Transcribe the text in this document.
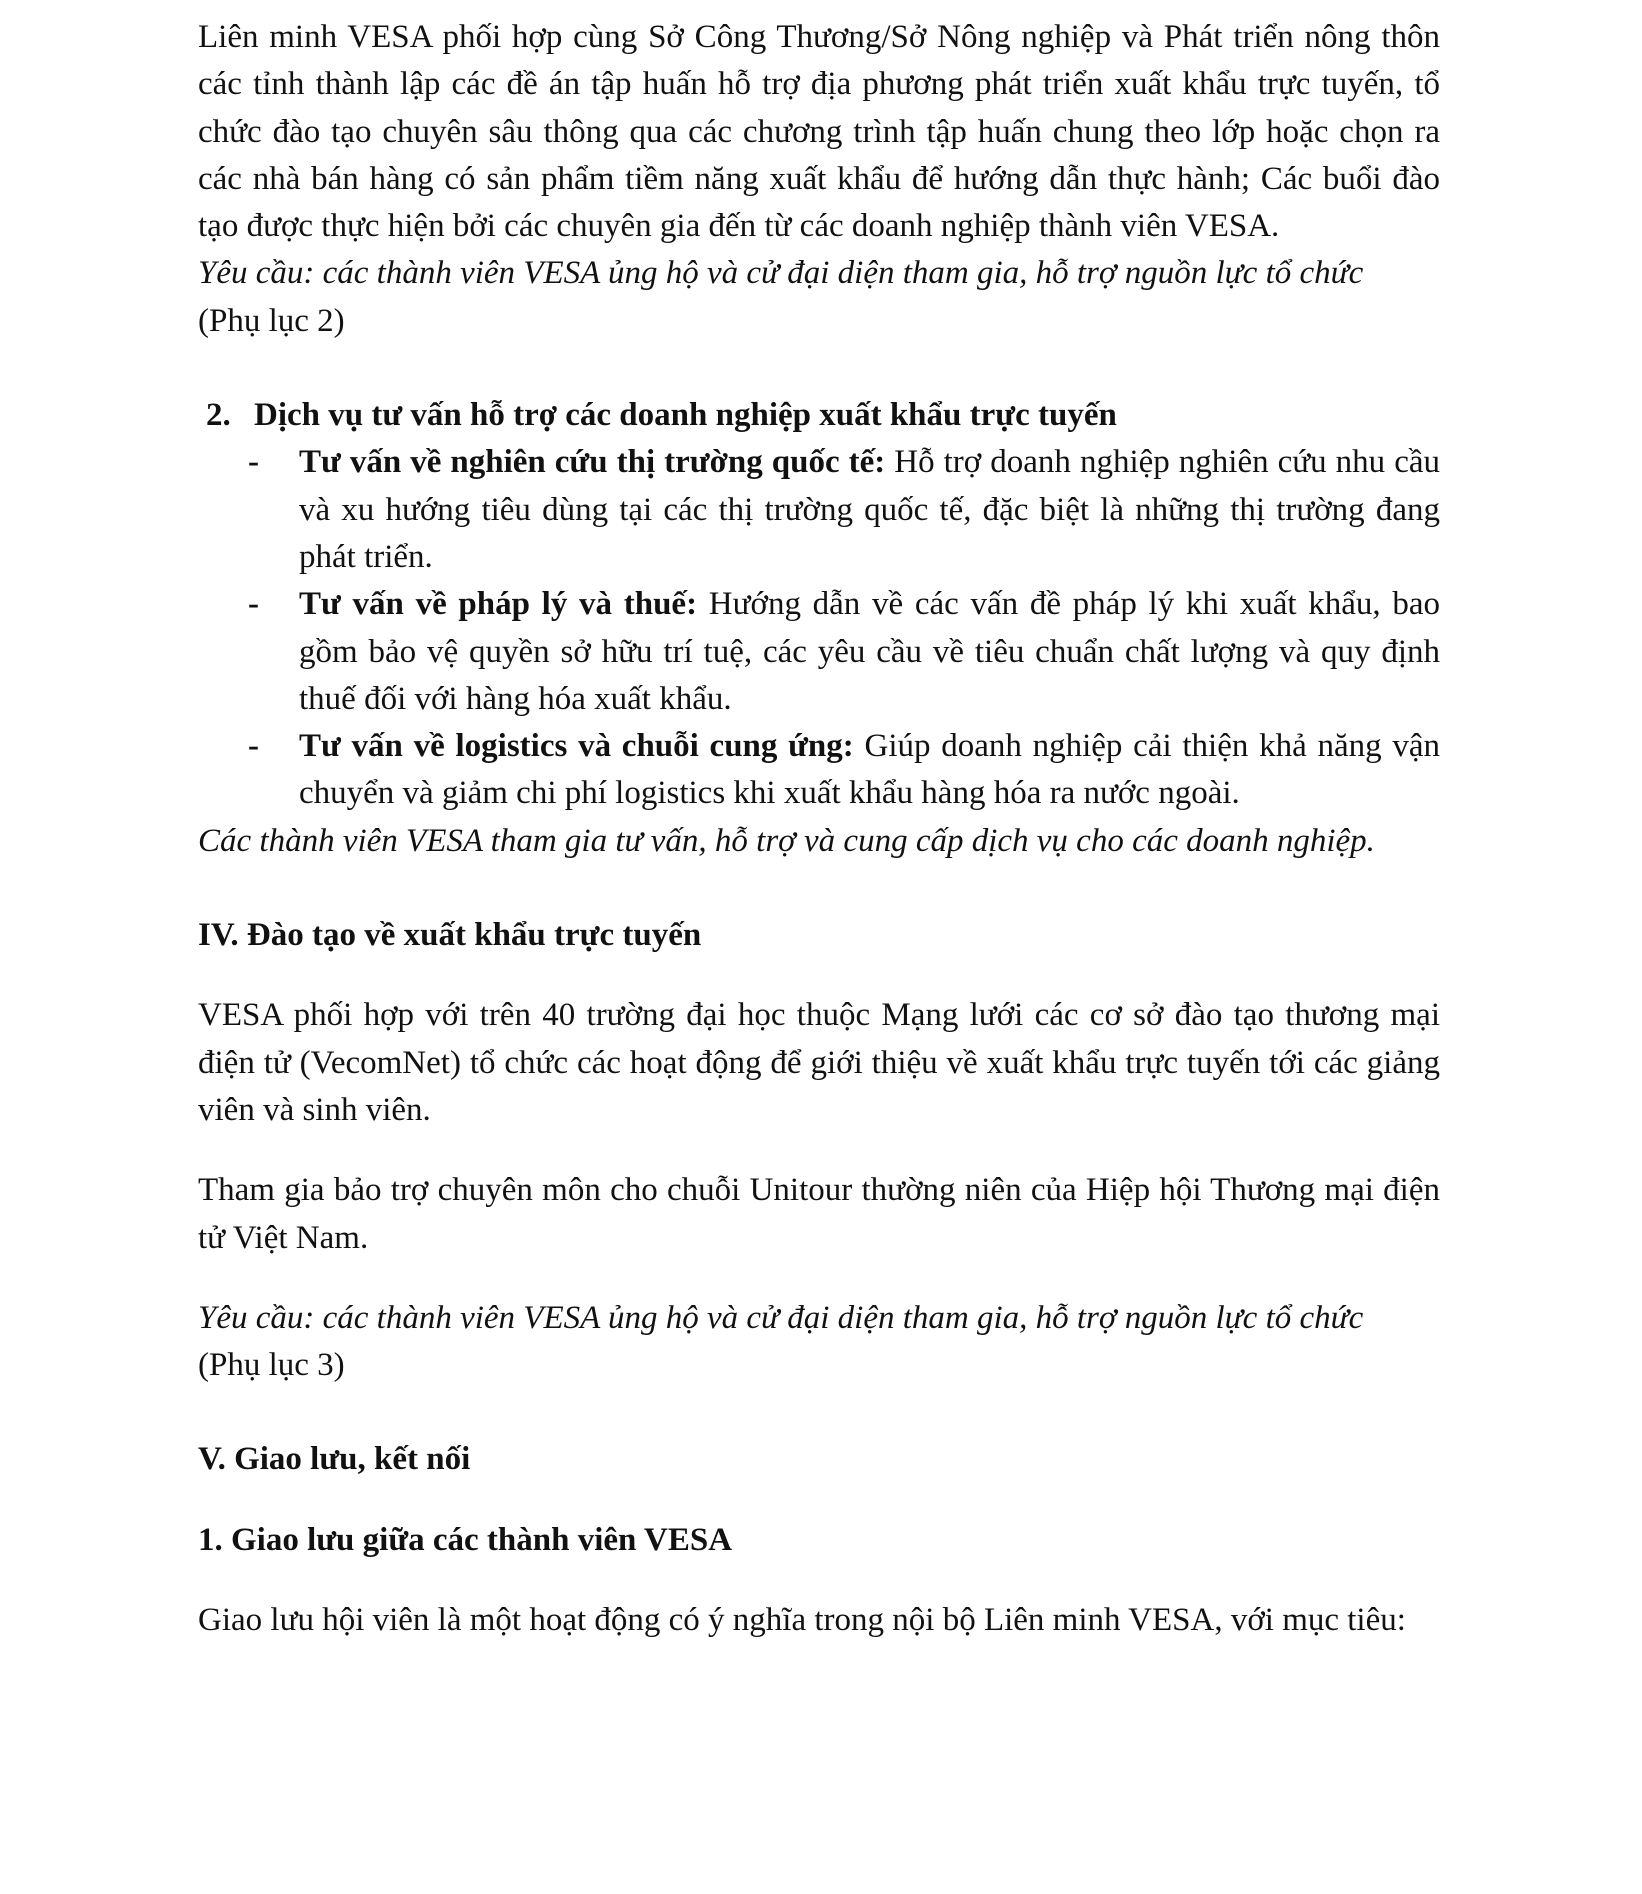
Liên minh VESA phối hợp cùng Sở Công Thương/Sở Nông nghiệp và Phát triển nông thôn các tỉnh thành lập các đề án tập huấn hỗ trợ địa phương phát triển xuất khẩu trực tuyến, tổ chức đào tạo chuyên sâu thông qua các chương trình tập huấn chung theo lớp hoặc chọn ra các nhà bán hàng có sản phẩm tiềm năng xuất khẩu để hướng dẫn thực hành; Các buổi đào tạo được thực hiện bởi các chuyên gia đến từ các doanh nghiệp thành viên VESA.

Yêu cầu: các thành viên VESA ủng hộ và cử đại diện tham gia, hỗ trợ nguồn lực tổ chức

(Phụ lục 2)

2. Dịch vụ tư vấn hỗ trợ các doanh nghiệp xuất khẩu trực tuyến

- Tư vấn về nghiên cứu thị trường quốc tế: Hỗ trợ doanh nghiệp nghiên cứu nhu cầu và xu hướng tiêu dùng tại các thị trường quốc tế, đặc biệt là những thị trường đang phát triển.
- Tư vấn về pháp lý và thuế: Hướng dẫn về các vấn đề pháp lý khi xuất khẩu, bao gồm bảo vệ quyền sở hữu trí tuệ, các yêu cầu về tiêu chuẩn chất lượng và quy định thuế đối với hàng hóa xuất khẩu.
- Tư vấn về logistics và chuỗi cung ứng: Giúp doanh nghiệp cải thiện khả năng vận chuyển và giảm chi phí logistics khi xuất khẩu hàng hóa ra nước ngoài.

Các thành viên VESA tham gia tư vấn, hỗ trợ và cung cấp dịch vụ cho các doanh nghiệp.

IV. Đào tạo về xuất khẩu trực tuyến

VESA phối hợp với trên 40 trường đại học thuộc Mạng lưới các cơ sở đào tạo thương mại điện tử (VecomNet) tổ chức các hoạt động để giới thiệu về xuất khẩu trực tuyến tới các giảng viên và sinh viên.

Tham gia bảo trợ chuyên môn cho chuỗi Unitour thường niên của Hiệp hội Thương mại điện tử Việt Nam.

Yêu cầu: các thành viên VESA ủng hộ và cử đại diện tham gia, hỗ trợ nguồn lực tổ chức

(Phụ lục 3)

V. Giao lưu, kết nối

1. Giao lưu giữa các thành viên VESA

Giao lưu hội viên là một hoạt động có ý nghĩa trong nội bộ Liên minh VESA, với mục tiêu:
